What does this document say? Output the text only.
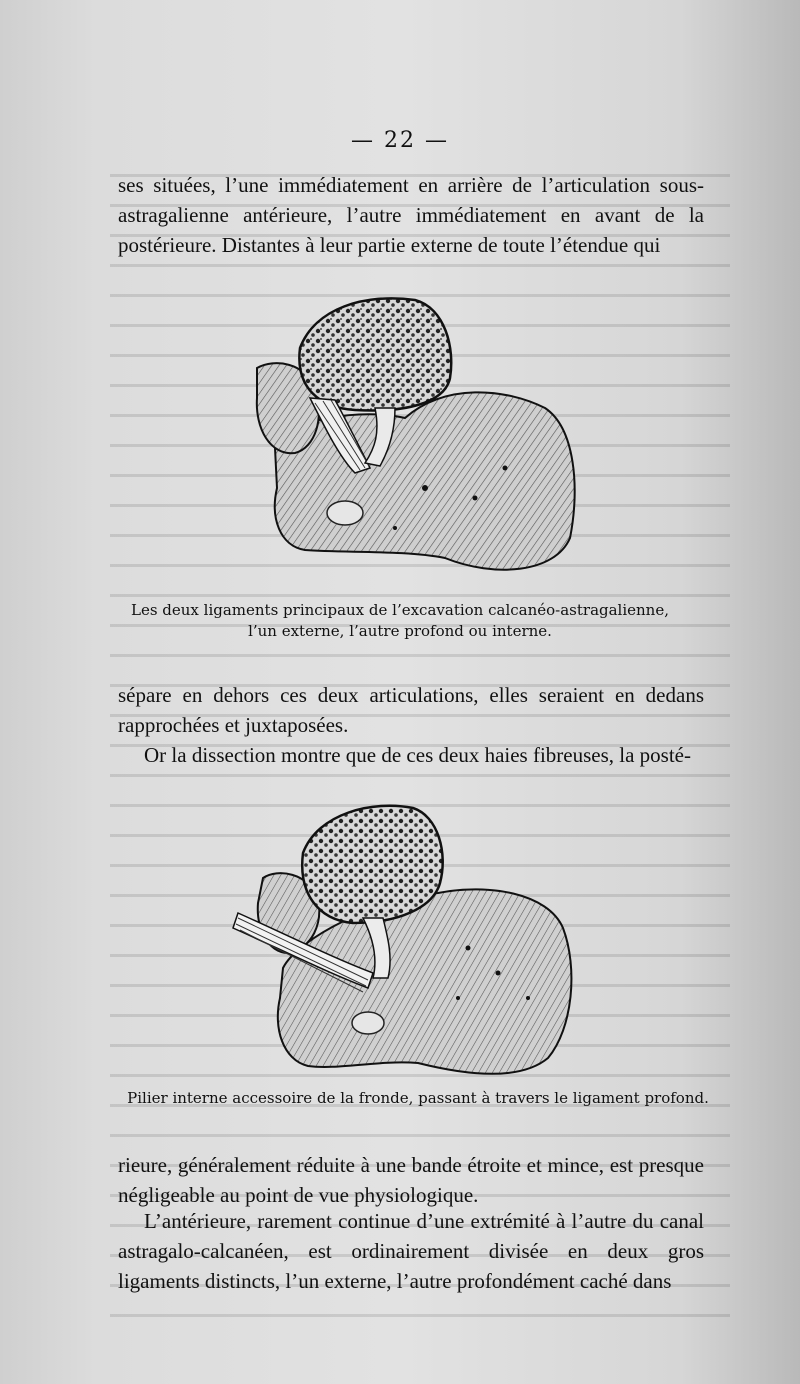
— 22 —

ses situées, l’une immédiatement en arrière de l’articulation sous-astragalienne antérieure, l’autre immédiatement en avant de la postérieure. Distantes à leur partie externe de toute l’étendue qui

Les deux ligaments principaux de l’excavation calcanéo-astragalienne, l’un externe, l’autre profond ou interne.

sépare en dehors ces deux articulations, elles seraient en dedans rapprochées et juxtaposées.

Or la dissection montre que de ces deux haies fibreuses, la posté-

Pilier interne accessoire de la fronde, passant à travers le ligament profond.

rieure, généralement réduite à une bande étroite et mince, est presque négligeable au point de vue physiologique.

L’antérieure, rarement continue d’une extrémité à l’autre du canal astragalo-calcanéen, est ordinairement divisée en deux gros ligaments distincts, l’un externe, l’autre profondément caché dans
